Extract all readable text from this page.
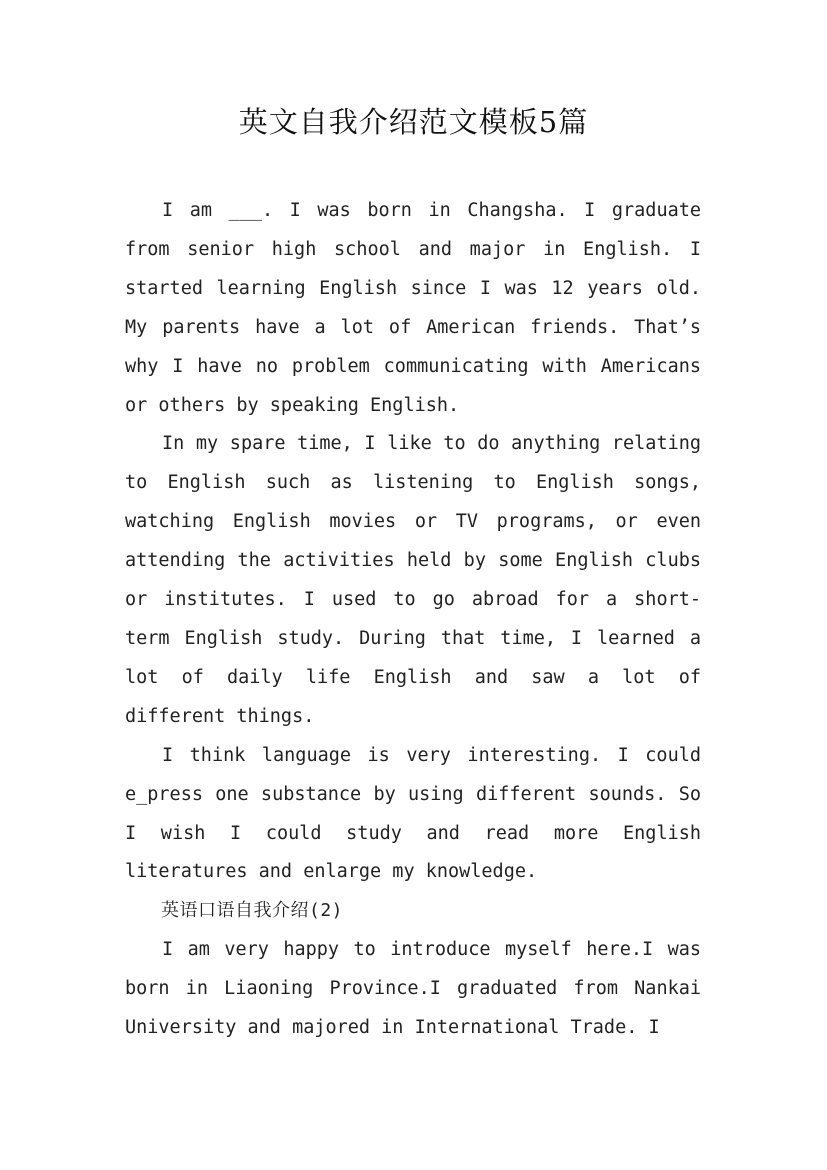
英文自我介绍范文模板5篇

I am ___. I was born in Changsha. I graduate from senior high school and major in English. I started learning English since I was 12 years old. My parents have a lot of American friends. That’s why I have no problem communicating with Americans or others by speaking English.

In my spare time, I like to do anything relating to English such as listening to English songs, watching English movies or TV programs, or even attending the activities held by some English clubs or institutes. I used to go abroad for a short- term English study. During that time, I learned a lot of daily life English and saw a lot of different things.

I think language is very interesting. I could e_press one substance by using different sounds. So I wish I could study and read more English literatures and enlarge my knowledge.

英语口语自我介绍(2)

I am very happy to introduce myself here.I was born in Liaoning Province.I graduated from Nankai University and majored in International Trade. I
